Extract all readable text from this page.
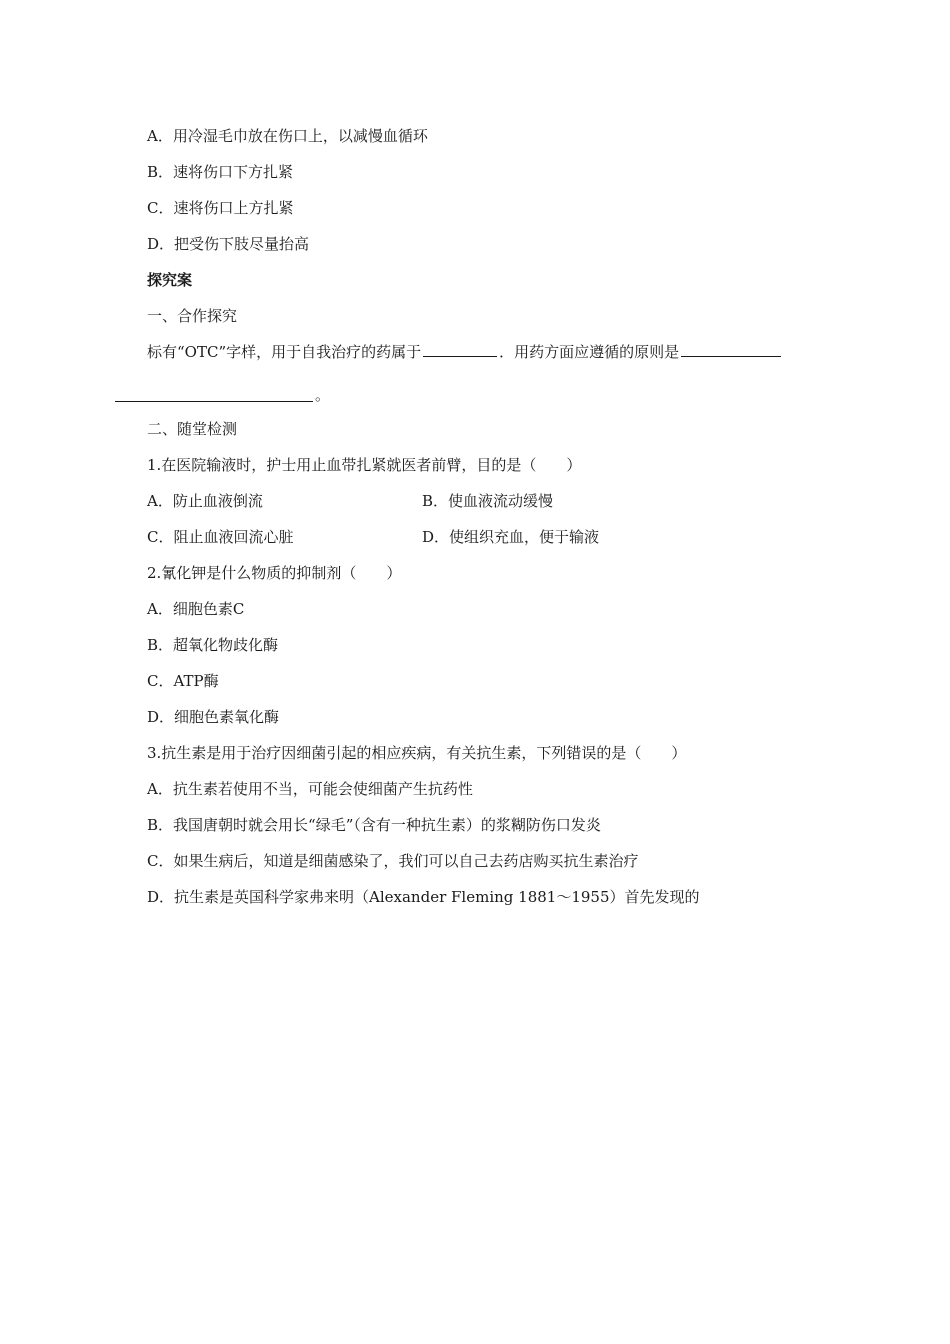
A．用冷湿毛巾放在伤口上，以减慢血循环
B．速将伤口下方扎紧
C．速将伤口上方扎紧
D．把受伤下肢尽量抬高
探究案
一、合作探究
标有“OTC”字样，用于自我治疗的药属于	．用药方面应遵循的原则是
。
二、随堂检测
1.在医院输液时，护士用止血带扎紧就医者前臂，目的是（　　）
A．防止血液倒流	B．使血液流动缓慢
C．阻止血液回流心脏	D．使组织充血，便于输液
2.氰化钾是什么物质的抑制剂（　　）
A．细胞色素C
B．超氧化物歧化酶
C．ATP酶
D．细胞色素氧化酶
3.抗生素是用于治疗因细菌引起的相应疾病，有关抗生素，下列错误的是（　　）
A．抗生素若使用不当，可能会使细菌产生抗药性
B．我国唐朝时就会用长“绿毛”（含有一种抗生素）的浆糊防伤口发炎
C．如果生病后，知道是细菌感染了，我们可以自己去药店购买抗生素治疗
D．抗生素是英国科学家弗来明（Alexander Fleming 1881～1955）首先发现的
